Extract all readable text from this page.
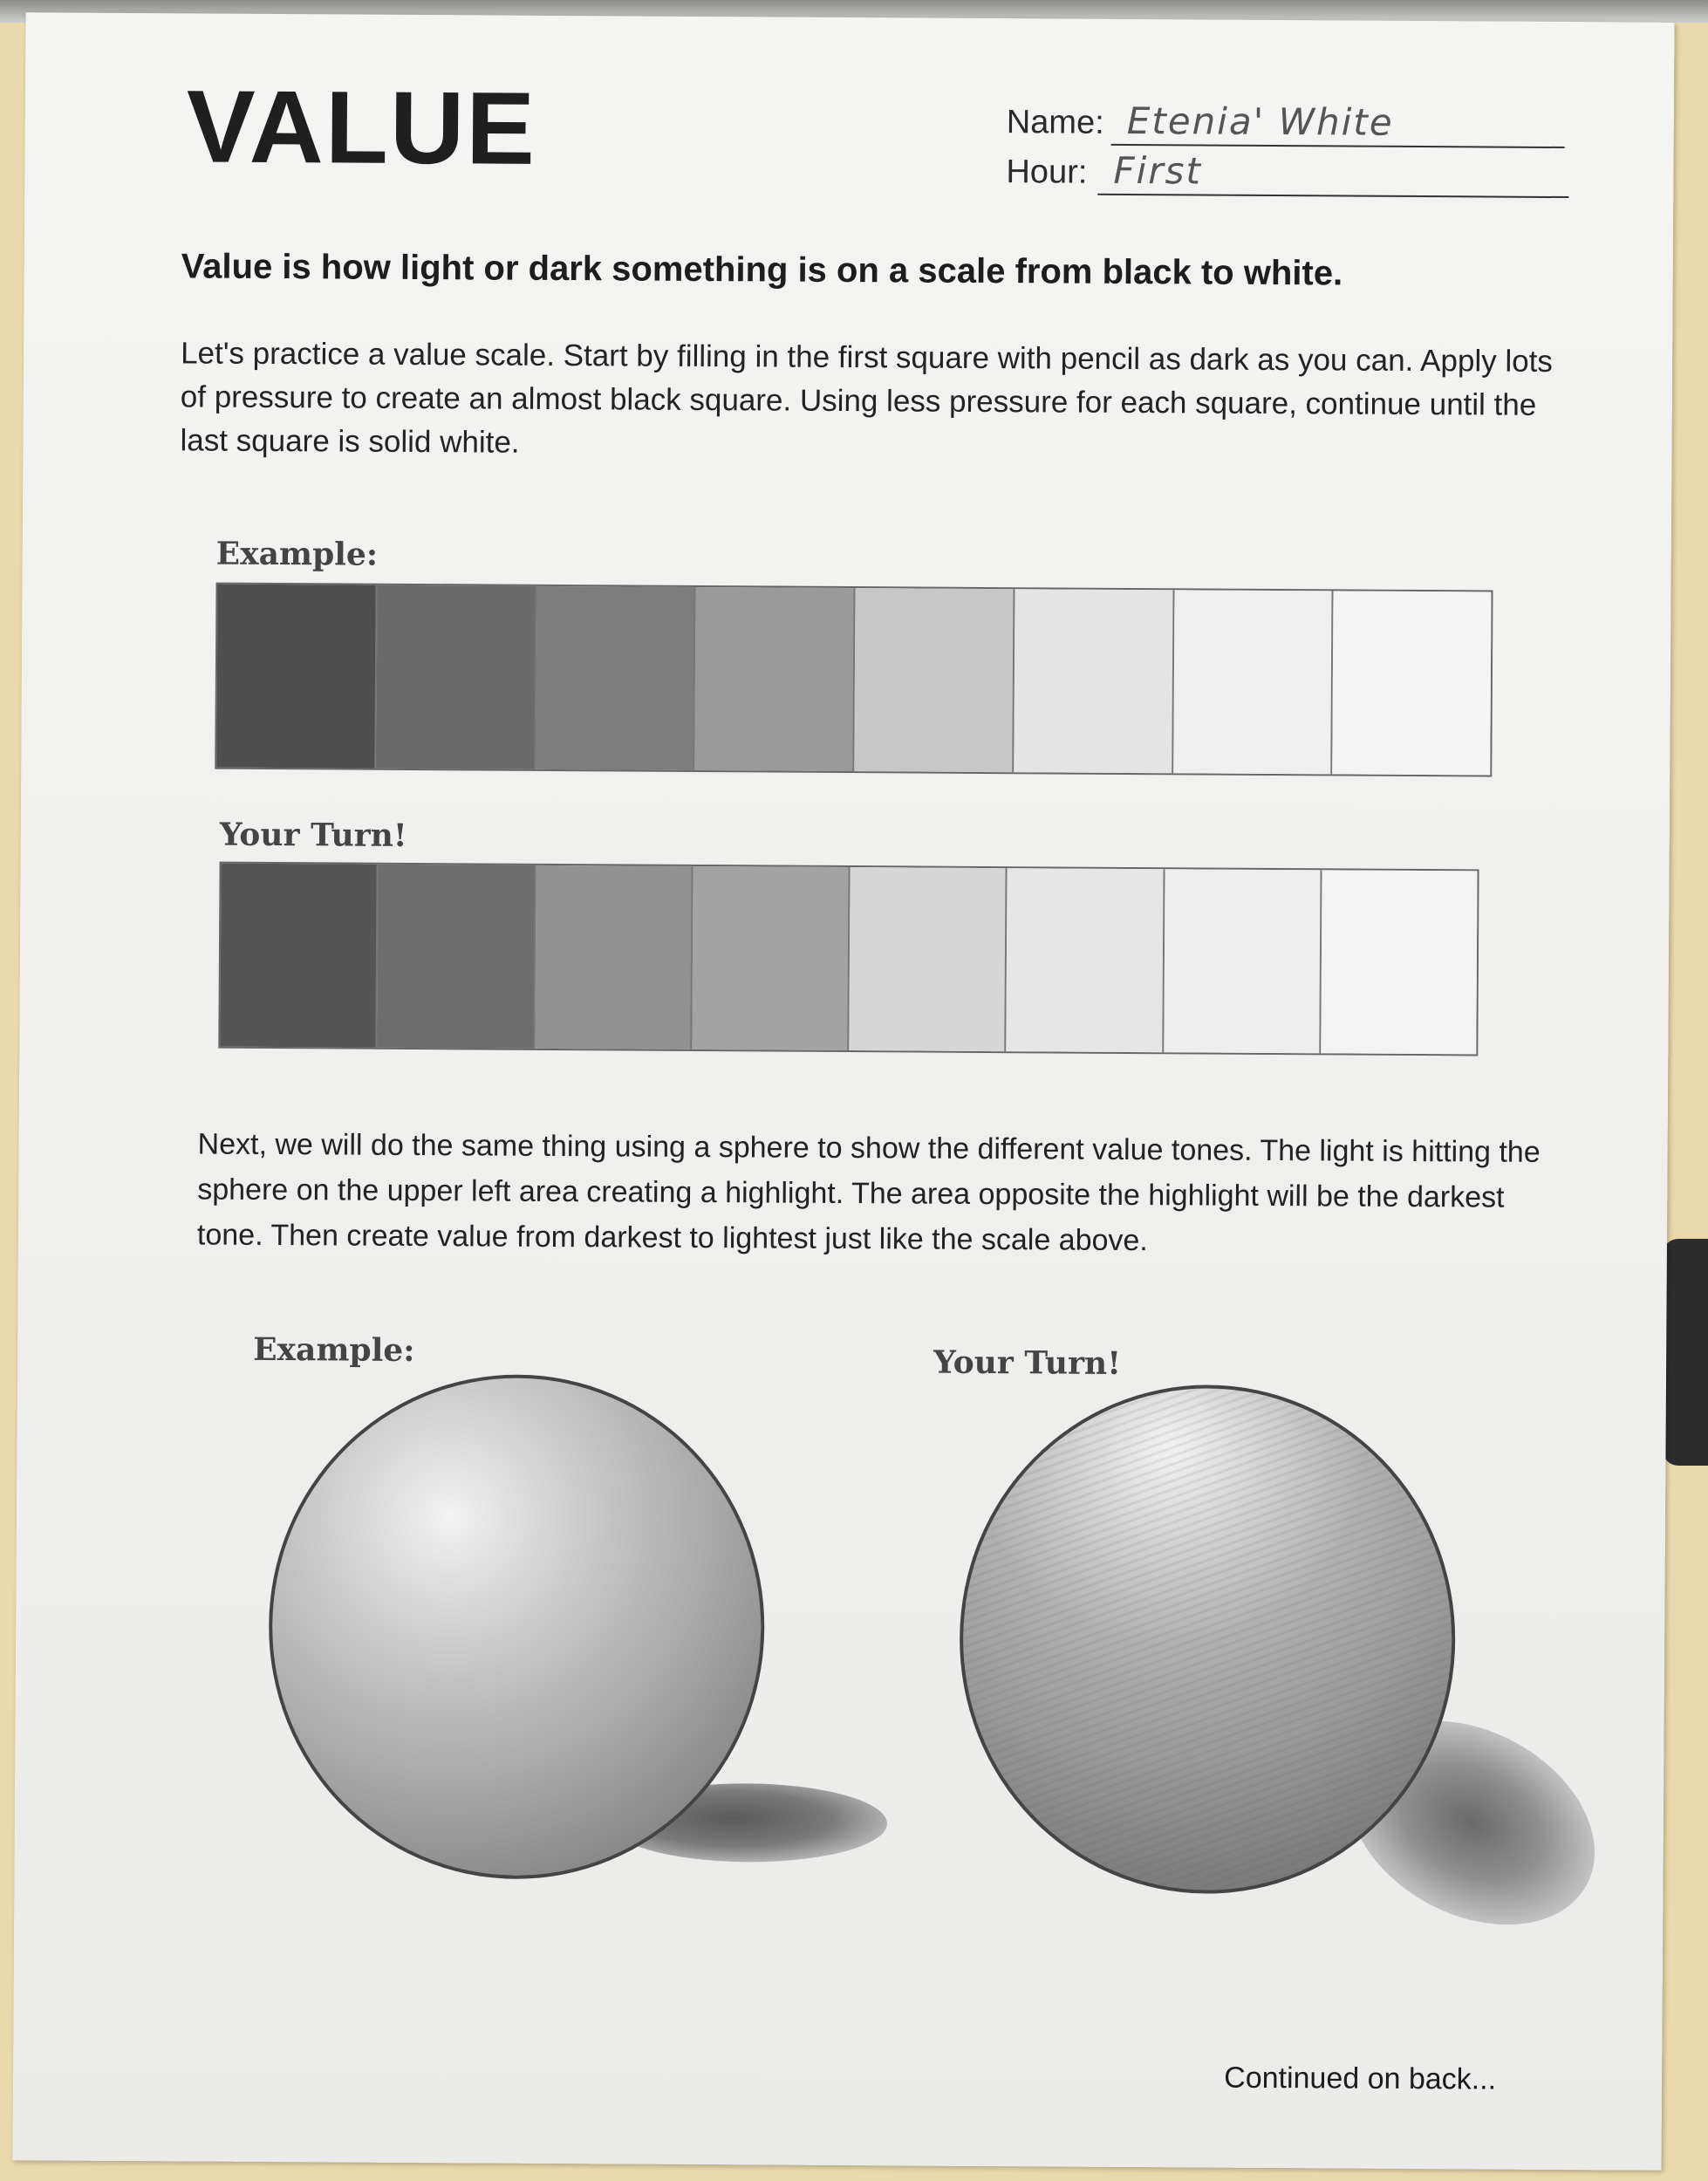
VALUE	Name: Etenia' White
Hour: First
Value is how light or dark something is on a scale from black to white.
Let's practice a value scale. Start by filling in the first square with pencil as dark as you can. Apply lots of pressure to create an almost black square. Using less pressure for each square, continue until the last square is solid white.
Example:
Your Turn!
Next, we will do the same thing using a sphere to show the different value tones. The light is hitting the sphere on the upper left area creating a highlight. The area opposite the highlight will be the darkest tone. Then create value from darkest to lightest just like the scale above.
Example:	Your Turn!
Continued on back...
